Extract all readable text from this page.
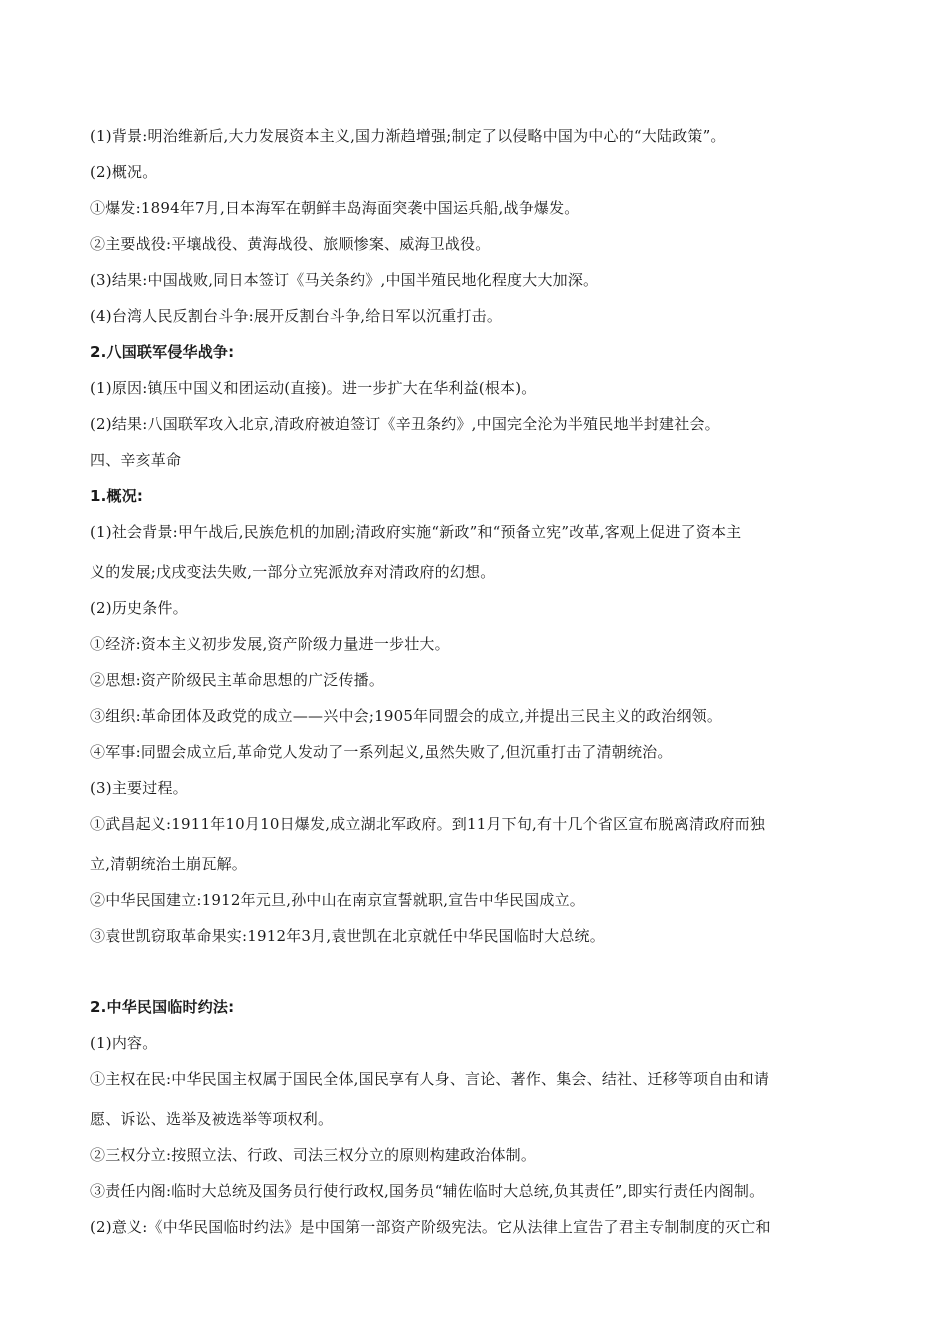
(1)背景:明治维新后,大力发展资本主义,国力渐趋增强;制定了以侵略中国为中心的“大陆政策”。
(2)概况。
①爆发:1894年7月,日本海军在朝鲜丰岛海面突袭中国运兵船,战争爆发。
②主要战役:平壤战役、黄海战役、旅顺惨案、威海卫战役。
(3)结果:中国战败,同日本签订《马关条约》,中国半殖民地化程度大大加深。
(4)台湾人民反割台斗争:展开反割台斗争,给日军以沉重打击。
2.八国联军侵华战争:
(1)原因:镇压中国义和团运动(直接)。进一步扩大在华利益(根本)。
(2)结果:八国联军攻入北京,清政府被迫签订《辛丑条约》,中国完全沦为半殖民地半封建社会。
四、辛亥革命
1.概况:
(1)社会背景:甲午战后,民族危机的加剧;清政府实施“新政”和“预备立宪”改革,客观上促进了资本主
义的发展;戊戌变法失败,一部分立宪派放弃对清政府的幻想。
(2)历史条件。
①经济:资本主义初步发展,资产阶级力量进一步壮大。
②思想:资产阶级民主革命思想的广泛传播。
③组织:革命团体及政党的成立——兴中会;1905年同盟会的成立,并提出三民主义的政治纲领。
④军事:同盟会成立后,革命党人发动了一系列起义,虽然失败了,但沉重打击了清朝统治。
(3)主要过程。
①武昌起义:1911年10月10日爆发,成立湖北军政府。到11月下旬,有十几个省区宣布脱离清政府而独
立,清朝统治土崩瓦解。
②中华民国建立:1912年元旦,孙中山在南京宣誓就职,宣告中华民国成立。
③袁世凯窃取革命果实:1912年3月,袁世凯在北京就任中华民国临时大总统。
2.中华民国临时约法:
(1)内容。
①主权在民:中华民国主权属于国民全体,国民享有人身、言论、著作、集会、结社、迁移等项自由和请
愿、诉讼、选举及被选举等项权利。
②三权分立:按照立法、行政、司法三权分立的原则构建政治体制。
③责任内阁:临时大总统及国务员行使行政权,国务员“辅佐临时大总统,负其责任”,即实行责任内阁制。
(2)意义:《中华民国临时约法》是中国第一部资产阶级宪法。它从法律上宣告了君主专制制度的灭亡和
